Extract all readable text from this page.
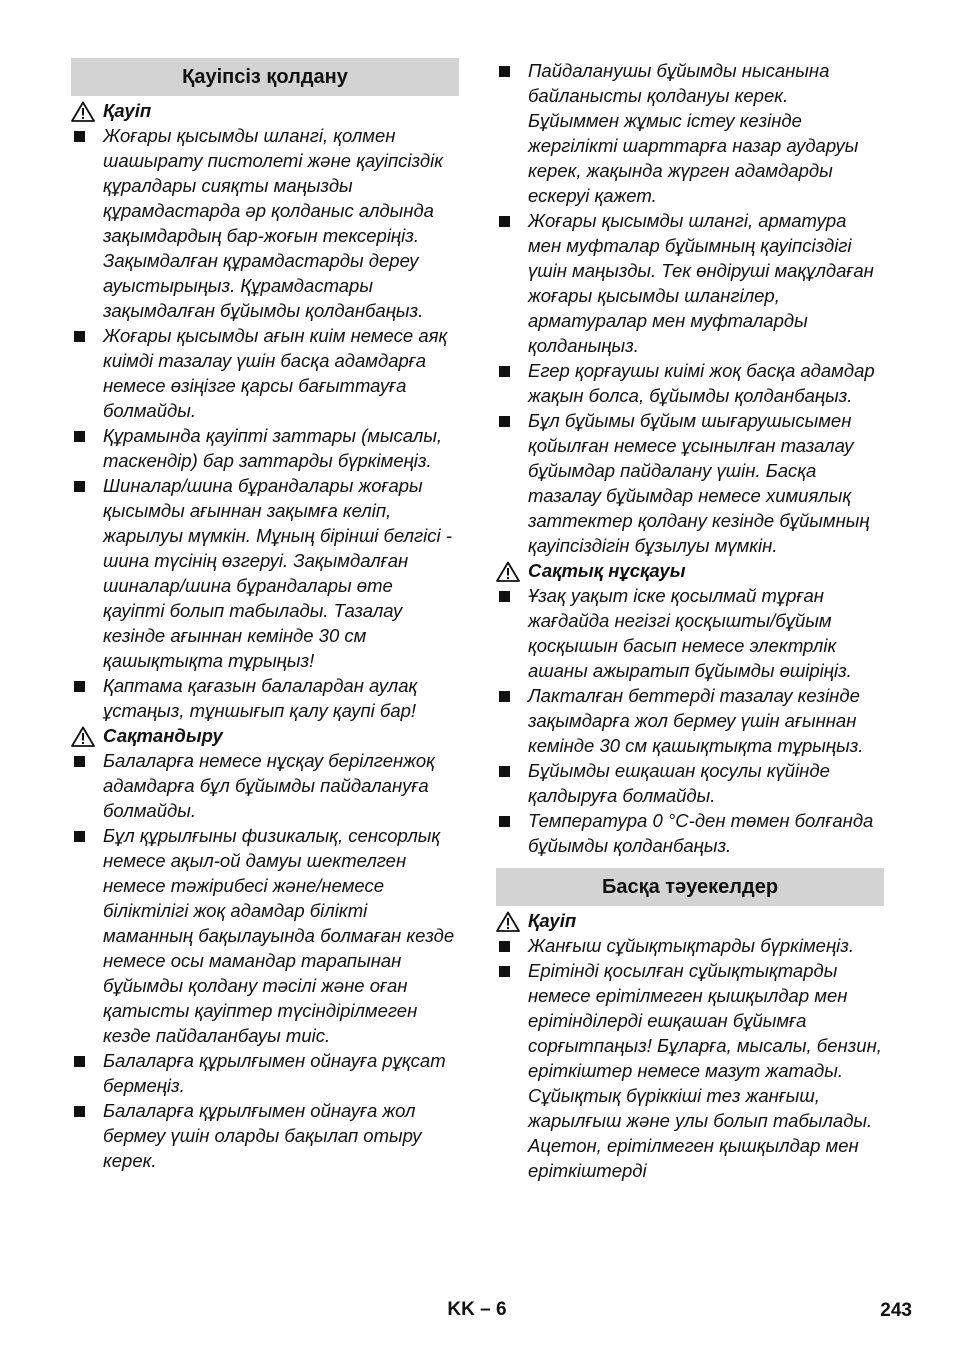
Қауіпсіз қолдану
Қауіп
Жоғары қысымды шлангі, қолмен шашырату пистолеті және қауіпсіздік құралдары сияқты маңызды құрамдастарда әр қолданыс алдында зақымдардың бар-жоғын тексеріңіз. Зақымдалған құрамдастарды дереу ауыстырыңыз. Құрамдастары зақымдалған бұйымды қолданбаңыз.
Жоғары қысымды ағын киім немесе аяқ киімді тазалау үшін басқа адамдарға немесе өзіңізге қарсы бағыттауға болмайды.
Құрамында қауіпті заттары (мысалы, таскендір) бар заттарды бүркімеңіз.
Шиналар/шина бұрандалары жоғары қысымды ағыннан зақымға келіп, жарылуы мүмкін. Мұның бірінші белгісі - шина түсінің өзгеруі. Зақымдалған шиналар/шина бұрандалары өте қауіпті болып табылады. Тазалау кезінде ағыннан кемінде 30 см қашықтықта тұрыңыз!
Қаптама қағазын балалардан аулақ ұстаңыз, тұншығып қалу қаупі бар!
Сақтандыру
Балаларға немесе нұсқау берілгенжоқ адамдарға бұл бұйымды пайдалануға болмайды.
Бұл құрылғыны физикалық, сенсорлық немесе ақыл-ой дамуы шектелген немесе тәжірибесі және/немесе білiктiлiгi жоқ адамдар білікті маманның бақылауында болмаған кезде немесе осы мамандар тарапынан бұйымды қолдану тәсілі және оған қатысты қауіптер түсіндірілмеген кезде пайдаланбауы тиіс.
Балаларға құрылғымен ойнауға рұқсат бермеңіз.
Балаларға құрылғымен ойнауға жол бермеу үшін оларды бақылап отыру керек.
Пайдаланушы бұйымды нысанына байланысты қолдануы керек. Бұйыммен жұмыс істеу кезінде жергілікті шарттарға назар аударуы керек, жақында жүрген адамдарды ескеруі қажет.
Жоғары қысымды шлангі, арматура мен муфталар бұйымның қауіпсіздігі үшін маңызды. Тек өндіруші мақұлдаған жоғары қысымды шлангілер, арматуралар мен муфталарды қолданыңыз.
Егер қорғаушы киімі жоқ басқа адамдар жақын болса, бұйымды қолданбаңыз.
Бұл бұйымы бұйым шығарушысымен қойылған немесе ұсынылған тазалау бұйымдар пайдалану үшін. Басқа тазалау бұйымдар немесе химиялық заттектер қолдану кезінде бұйымның қауіпсіздігін бұзылуы мүмкін.
Сақтық нұсқауы
Ұзақ уақыт іске қосылмай тұрған жағдайда негізгі қосқышты/бұйым қосқышын басып немесе электрлік ашаны ажыратып бұйымды өшіріңіз.
Лакталған беттерді тазалау кезінде зақымдарға жол бермеу үшін ағыннан кемінде 30 см қашықтықта тұрыңыз.
Бұйымды ешқашан қосулы күйінде қалдыруға болмайды.
Температура 0 °C-ден төмен болғанда бұйымды қолданбаңыз.
Басқа тәуекелдер
Қауіп
Жанғыш сұйықтықтарды бүркімеңіз.
Ерітінді қосылған сұйықтықтарды немесе ерітілмеген қышқылдар мен ерітінділерді ешқашан бұйымға сорғытпаңыз! Бұларға, мысалы, бензин, еріткіштер немесе мазут жатады. Сұйықтық бүріккіші тез жанғыш, жарылғыш және улы болып табылады. Ацетон, ерітілмеген қышқылдар мен еріткіштерді
KK – 6	243
